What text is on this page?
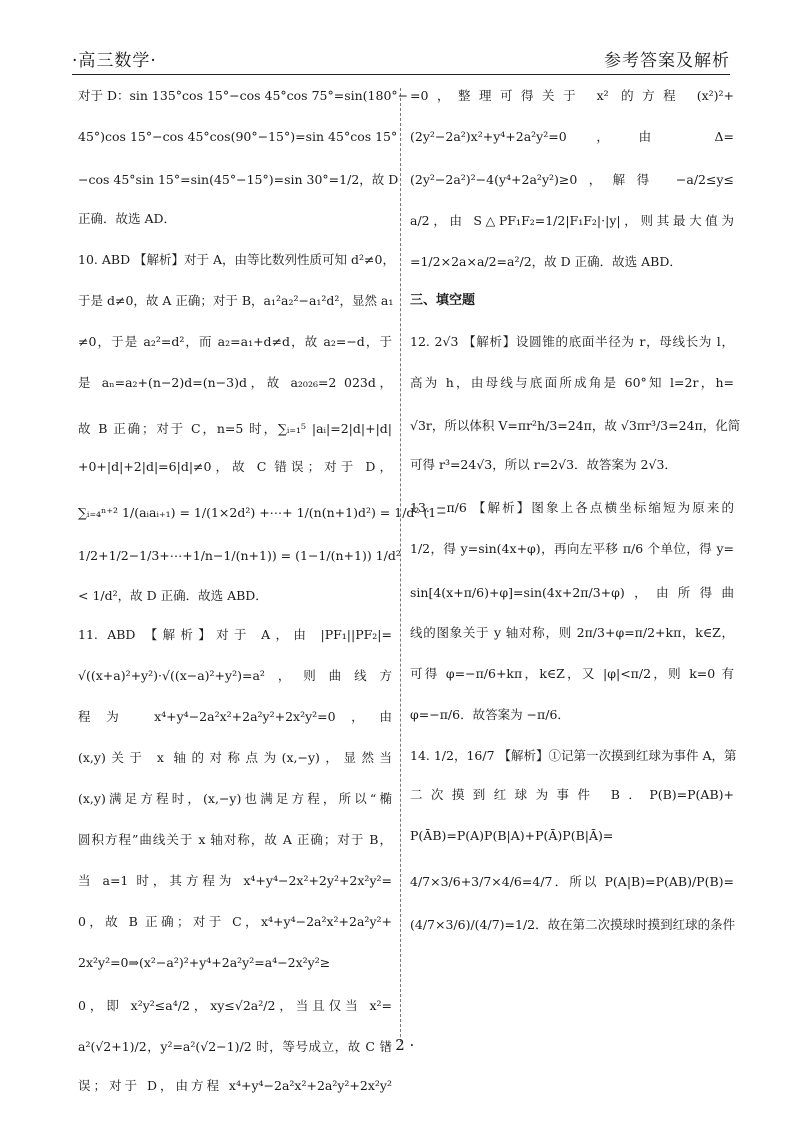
·高三数学·	参考答案及解析
对于 D：sin 135°cos 15°−cos 45°cos 75°=sin(180°−
45°)cos 15°−cos 45°cos(90°−15°)=sin 45°cos 15°
−cos 45°sin 15°=sin(45°−15°)=sin 30°=1/2，故 D
正确．故选 AD．
10. ABD 【解析】对于 A，由等比数列性质可知 d²≠0，
于是 d≠0，故 A 正确；对于 B，a₁²a₂²−a₁²d²，显然 a₁
≠0，于是 a₂²=d²，而 a₂=a₁+d≠d，故 a₂=−d，于
是 aₙ=a₂+(n−2)d=(n−3)d，故 a₂₀₂₆=2 023d，
故 B 正确；对于 C，n=5 时，∑ᵢ₌₁⁵ |aᵢ|=2|d|+|d|
+0+|d|+2|d|=6|d|≠0，故 C 错误；对于 D，
∑ᵢ₌₄ⁿ⁺² 1/(aᵢaᵢ₊₁) = 1/(1×2d²) +⋯+ 1/(n(n+1)d²) = 1/d² (1−
1/2+1/2−1/3+⋯+1/n−1/(n+1)) = (1−1/(n+1)) 1/d²
< 1/d²，故 D 正确．故选 ABD．
11. ABD 【解析】对于 A，由 |PF₁||PF₂|=
√((x+a)²+y²)·√((x−a)²+y²)=a²，则曲线方
程为 x⁴+y⁴−2a²x²+2a²y²+2x²y²=0，由
(x,y)关于 x 轴的对称点为(x,−y)，显然当
(x,y)满足方程时，(x,−y)也满足方程，所以“椭
圆积方程”曲线关于 x 轴对称，故 A 正确；对于 B，
当 a=1 时，其方程为 x⁴+y⁴−2x²+2y²+2x²y²=
0，故 B 正确；对于 C，x⁴+y⁴−2a²x²+2a²y²+
2x²y²=0⇒(x²−a²)²+y⁴+2a²y²=a⁴−2x²y²≥
0，即 x²y²≤a⁴/2，xy≤√2a²/2，当且仅当 x²=
a²(√2+1)/2，y²=a²(√2−1)/2 时，等号成立，故 C 错
误；对于 D，由方程 x⁴+y⁴−2a²x²+2a²y²+2x²y²
=0，整理可得关于 x² 的方程 (x²)²+
(2y²−2a²)x²+y⁴+2a²y²=0，由 Δ=
(2y²−2a²)²−4(y⁴+2a²y²)≥0，解得 −a/2≤y≤
a/2，由 S△PF₁F₂=1/2|F₁F₂|·|y|，则其最大值为
=1/2×2a×a/2=a²/2，故 D 正确．故选 ABD．
三、填空题
12. 2√3 【解析】设圆锥的底面半径为 r，母线长为 l，
高为 h，由母线与底面所成角是 60°知 l=2r，h=
√3r，所以体积 V=πr²h/3=24π，故 √3πr³/3=24π，化简
可得 r³=24√3，所以 r=2√3．故答案为 2√3．
13. −π/6 【解析】图象上各点横坐标缩短为原来的
1/2，得 y=sin(4x+φ)，再向左平移 π/6 个单位，得 y=
sin[4(x+π/6)+φ]=sin(4x+2π/3+φ)，由所得曲
线的图象关于 y 轴对称，则 2π/3+φ=π/2+kπ，k∈Z，
可得 φ=−π/6+kπ，k∈Z，又 |φ|<π/2，则 k=0 有
φ=−π/6．故答案为 −π/6．
14. 1/2，16/7 【解析】①记第一次摸到红球为事件 A，第
二次摸到红球为事件 B．P(B)=P(AB)+
P(ĀB)=P(A)P(B|A)+P(Ā)P(B|Ā)=
4/7×3/6+3/7×4/6=4/7．所以 P(A|B)=P(AB)/P(B)=
(4/7×3/6)/(4/7)=1/2．故在第二次摸球时摸到红球的条件
· 2 ·
